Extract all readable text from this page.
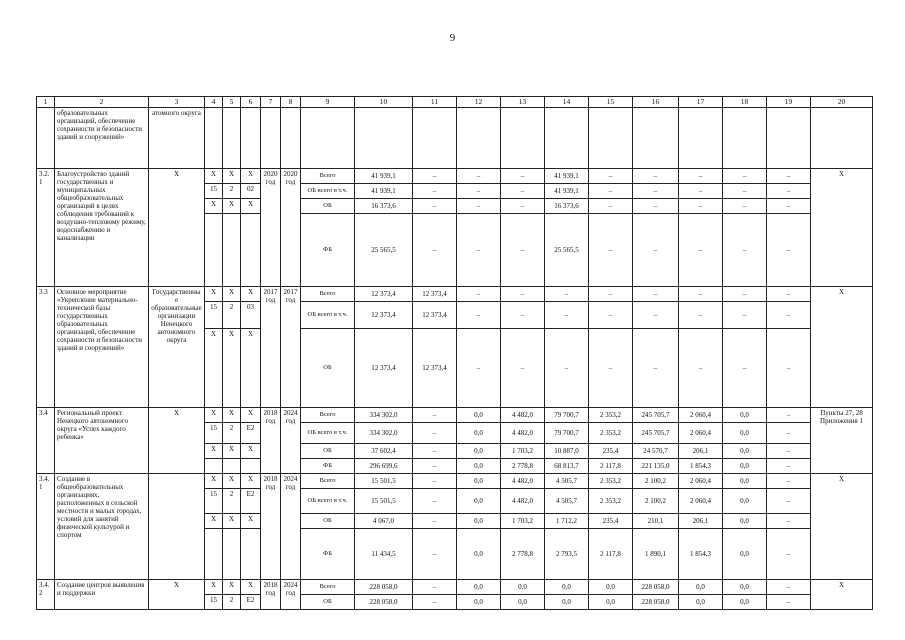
9
1	2	3	4	5	6	7	8	9	10	11	12	13	14	15	16	17	18	19	20
	образовательных организаций, обеспечение сохранности и безопасности зданий и сооружений»	атомного округа																	
3.2.1	Благоустройство зданий государственных и муниципальных общеобразовательных организаций в целях соблюдения требований к воздушно-тепловому режиму, водоснабжению и канализации	Х	Х	Х	Х	2020 год	2020 год	Всего	41 939,1	–	–	–	41 939,1	–	–	–	–	–	Х
			15	2	02			ОБ всего в т.ч.	41 939,1	–	–	–	41 939,1	–	–	–	–	–	
			Х	Х	Х			ОБ	16 373,6	–	–	–	16 373,6	–	–	–	–	–	
								ФБ	25 565,5	–	–	–	25 565,5	–	–	–	–	–	
3.3	Основное мероприятие «Укрепление материально-технической базы государственных образовательных организаций, обеспечение сохранности и безопасности зданий и сооружений»	Государственные образовательные организации Ненецкого автономного округа	Х	Х	Х	2017 год	2017 год	Всего	12 373,4	12 373,4	–	–	–	–	–	–	–	–	Х
			15	2	03			ОБ всего в т.ч.	12 373,4	12 373,4	–	–	–	–	–	–	–	–	
			Х	Х	Х			ОБ	12 373,4	12 373,4	–	–	–	–	–	–	–	–	
3.4	Региональный проект Ненецкого автономного округа «Успех каждого ребенка»	Х	Х	Х	Х	2018 год	2024 год	Всего	334 302,0	–	0,0	4 482,0	79 700,7	2 353,2	245 705,7	2 060,4	0,0	–	Пункты 27, 28 Приложения 1
			15	2	Е2			ОБ всего в т.ч.	334 302,0	–	0,0	4 482,0	79 700,7	2 353,2	245 705,7	2 060,4	0,0	–	
			Х	Х	Х			ОБ	37 602,4	–	0,0	1 703,2	10 887,0	235,4	24 570,7	206,1	0,0	–	
								ФБ	296 699,6	–	0,0	2 778,8	68 813,7	2 117,8	221 135,0	1 854,3	0,0	–	
3.4.1	Создание в общеобразовательных организациях, расположенных в сельской местности и малых городах, условий для занятий физической культурой и спортом		Х	Х	Х	2018 год	2024 год	Всего	15 501,5	–	0,0	4 482,0	4 505,7	2 353,2	2 100,2	2 060,4	0,0	–	Х
			15	2	Е2			ОБ всего в т.ч.	15 501,5	–	0,0	4 482,0	4 505,7	2 353,2	2 100,2	2 060,4	0,0	–	
			Х	Х	Х			ОБ	4 067,0	–	0,0	1 703,2	1 712,2	235,4	210,1	206,1	0,0	–	
								ФБ	11 434,5	–	0,0	2 778,8	2 793,5	2 117,8	1 890,1	1 854,3	0,0	–	
3.4.2	Создание центров выявления и поддержки	Х	Х	Х	Х	2018 год	2024 год	Всего	228 058,0	–	0,0	0,0	0,0	0,0	228 058,0	0,0	0,0	–	Х
			15	2	Е2			ОБ	228 058,0	–	0,0	0,0	0,0	0,0	228 058,0	0,0	0,0	–	
